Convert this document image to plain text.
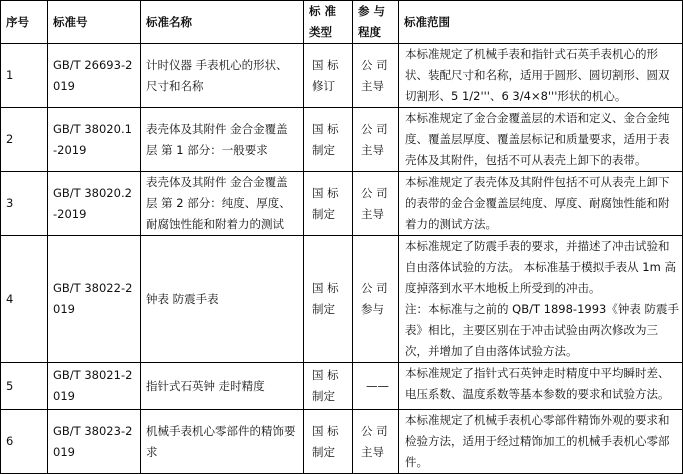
序号	标准号	标准名称	标 准 类型	参 与 程度	标准范围
1	GB/T 26693-2019	计时仪器 手表机心的形状、尺寸和名称	国 标 修订	公 司 主导	本标准规定了机械手表和指针式石英手表机心的形状、装配尺寸和名称，适用于圆形、圆切割形、圆双切割形、5 1/2'''、6 3/4×8'''形状的机心。
2	GB/T 38020.1-2019	表壳体及其附件 金合金覆盖层 第 1 部分：一般要求	国 标 制定	公 司 主导	本标准规定了金合金覆盖层的术语和定义、金合金纯度、覆盖层厚度、覆盖层标记和质量要求，适用于表壳体及其附件，包括不可从表壳上卸下的表带。
3	GB/T 38020.2-2019	表壳体及其附件 金合金覆盖层 第 2 部分：纯度、厚度、耐腐蚀性能和附着力的测试	国 标 制定	公 司 主导	本标准规定了表壳体及其附件包括不可从表壳上卸下的表带的金合金覆盖层纯度、厚度、耐腐蚀性能和附着力的测试方法。
4	GB/T 38022-2019	钟表 防震手表	国 标 制定	公 司 参与	本标准规定了防震手表的要求，并描述了冲击试验和自由落体试验的方法。 本标准基于模拟手表从 1m 高度掉落到水平木地板上所受到的冲击。
注：本标准与之前的 QB/T 1898-1993《钟表 防震手表》相比，主要区别在于冲击试验由两次修改为三次，并增加了自由落体试验方法。

5	GB/T 38021-2019	指针式石英钟 走时精度	国 标 制定	——	本标准规定了指针式石英钟走时精度中平均瞬时差、电压系数、温度系数等基本参数的要求和试验方法。
6	GB/T 38023-2019	机械手表机心零部件的精饰要求	国 标 制定	公 司 主导	本标准规定了机械手表机心零部件精饰外观的要求和检验方法，适用于经过精饰加工的机械手表机心零部件。
